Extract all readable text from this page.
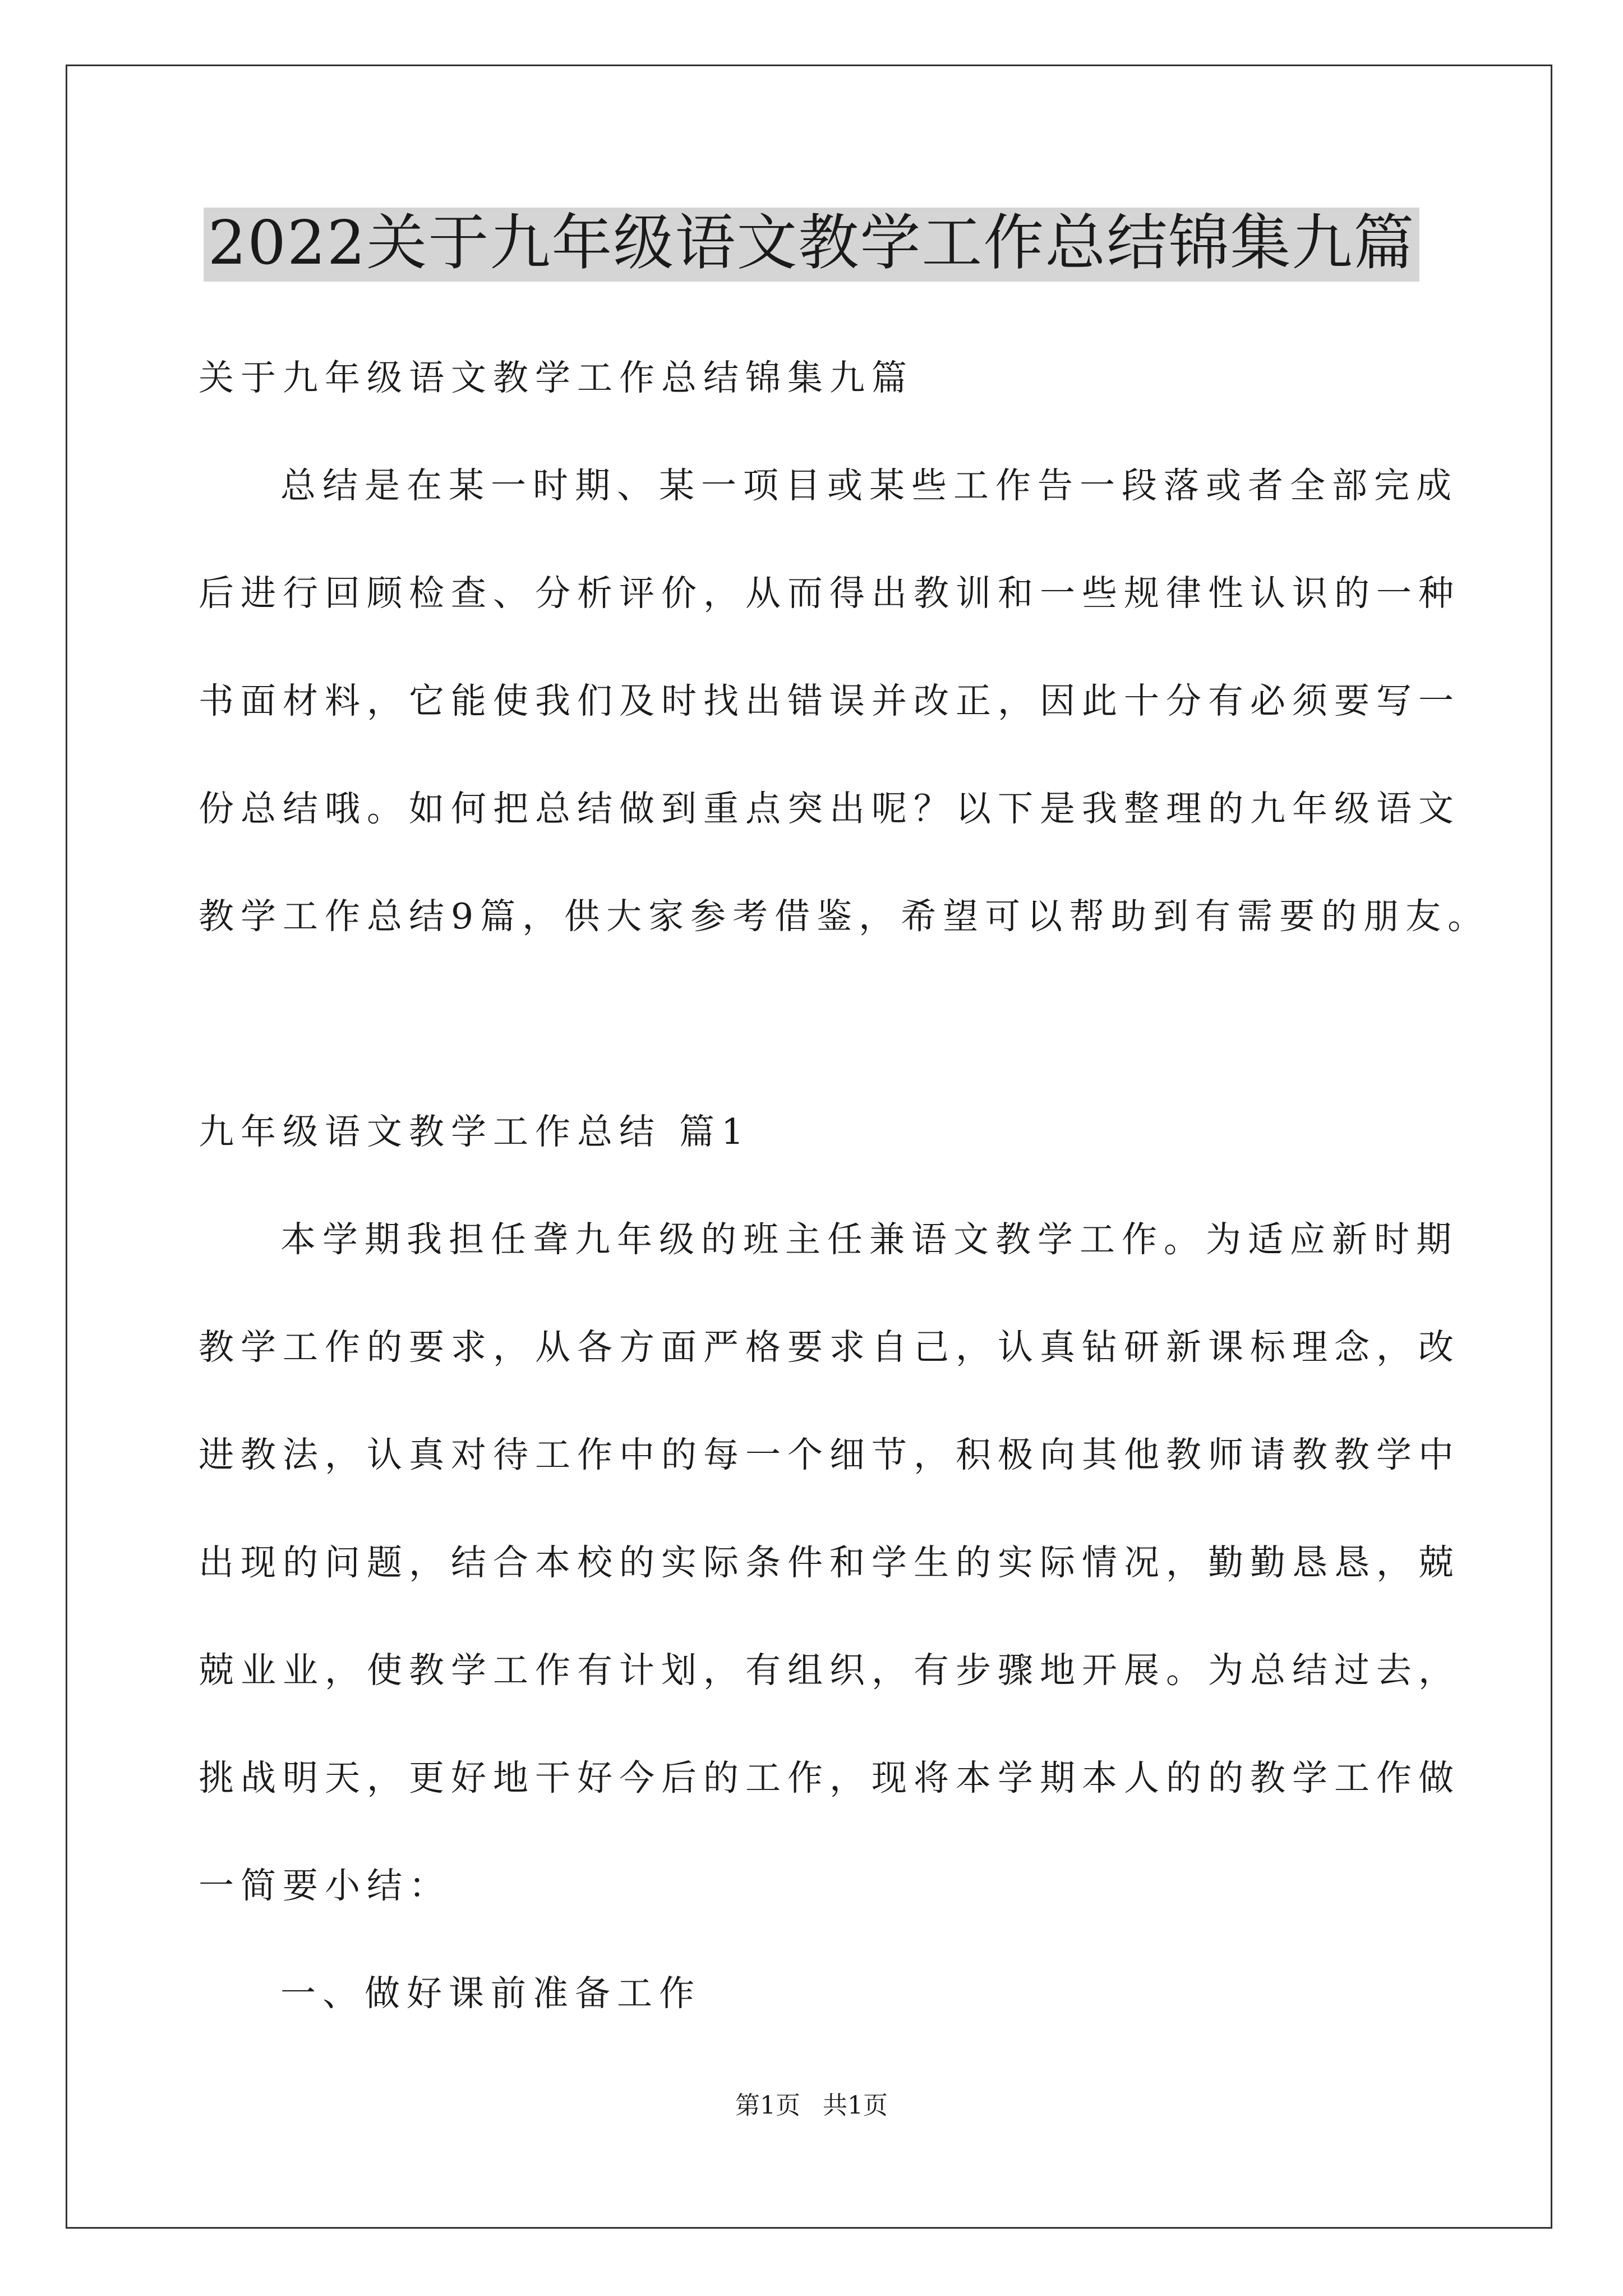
2022关于九年级语文教学工作总结锦集九篇
关于九年级语文教学工作总结锦集九篇
总结是在某一时期、某一项目或某些工作告一段落或者全部完成
后进行回顾检查、分析评价，从而得出教训和一些规律性认识的一种
书面材料，它能使我们及时找出错误并改正，因此十分有必须要写一
份总结哦。如何把总结做到重点突出呢？以下是我整理的九年级语文
教学工作总结9篇，供大家参考借鉴，希望可以帮助到有需要的朋友。
九年级语文教学工作总结 篇1
本学期我担任聋九年级的班主任兼语文教学工作。为适应新时期
教学工作的要求，从各方面严格要求自己，认真钻研新课标理念，改
进教法，认真对待工作中的每一个细节，积极向其他教师请教教学中
出现的问题，结合本校的实际条件和学生的实际情况，勤勤恳恳，兢
兢业业，使教学工作有计划，有组织，有步骤地开展。为总结过去，
挑战明天，更好地干好今后的工作，现将本学期本人的的教学工作做
一简要小结：
一、做好课前准备工作
第1页 共1页
